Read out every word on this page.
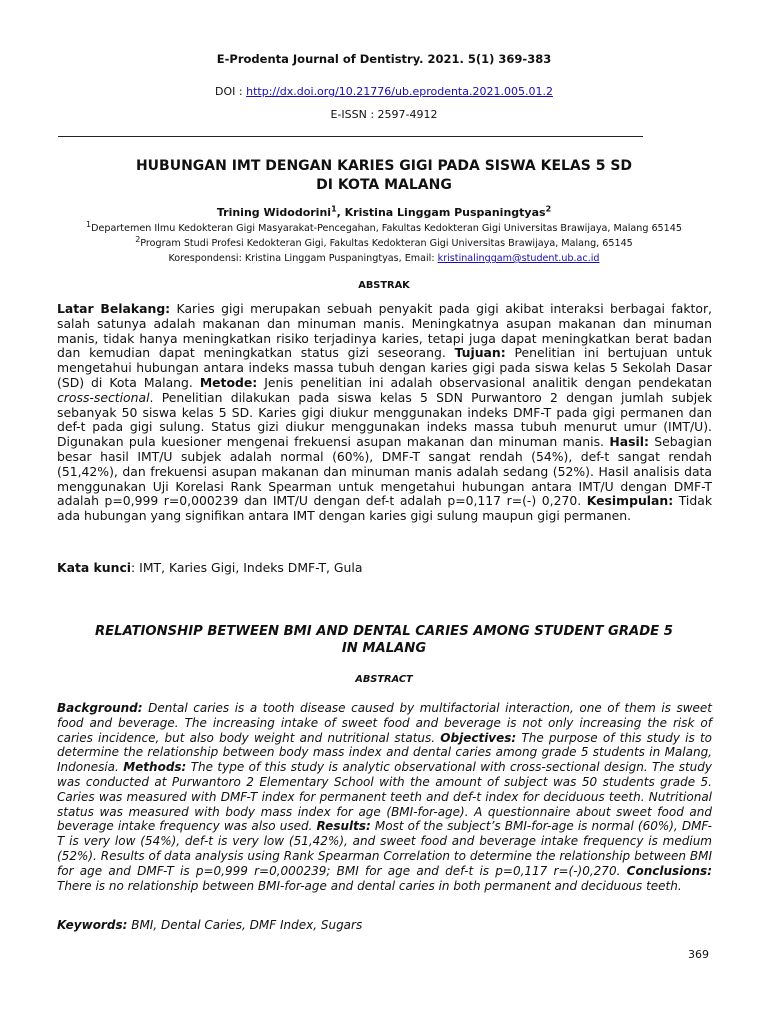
E-Prodenta Journal of Dentistry. 2021. 5(1) 369-383
DOI : http://dx.doi.org/10.21776/ub.eprodenta.2021.005.01.2
E-ISSN : 2597-4912
HUBUNGAN IMT DENGAN KARIES GIGI PADA SISWA KELAS 5 SD
DI KOTA MALANG
Trining Widodorini$^1$, Kristina Linggam Puspaningtyas$^2$
$^1$Departemen Ilmu Kedokteran Gigi Masyarakat-Pencegahan, Fakultas Kedokteran Gigi Universitas Brawijaya, Malang 65145
$^2$Program Studi Profesi Kedokteran Gigi, Fakultas Kedokteran Gigi Universitas Brawijaya, Malang, 65145
Korespondensi: Kristina Linggam Puspaningtyas, Email: kristinalinggam@student.ub.ac.id
ABSTRAK
Latar Belakang: Karies gigi merupakan sebuah penyakit pada gigi akibat interaksi berbagai faktor, salah satunya adalah makanan dan minuman manis. Meningkatnya asupan makanan dan minuman manis, tidak hanya meningkatkan risiko terjadinya karies, tetapi juga dapat meningkatkan berat badan dan kemudian dapat meningkatkan status gizi seseorang. Tujuan: Penelitian ini bertujuan untuk mengetahui hubungan antara indeks massa tubuh dengan karies gigi pada siswa kelas 5 Sekolah Dasar (SD) di Kota Malang. Metode: Jenis penelitian ini adalah observasional analitik dengan pendekatan cross-sectional. Penelitian dilakukan pada siswa kelas 5 SDN Purwantoro 2 dengan jumlah subjek sebanyak 50 siswa kelas 5 SD. Karies gigi diukur menggunakan indeks DMF-T pada gigi permanen dan def-t pada gigi sulung. Status gizi diukur menggunakan indeks massa tubuh menurut umur (IMT/U). Digunakan pula kuesioner mengenai frekuensi asupan makanan dan minuman manis. Hasil: Sebagian besar hasil IMT/U subjek adalah normal (60%), DMF-T sangat rendah (54%), def-t sangat rendah (51,42%), dan frekuensi asupan makanan dan minuman manis adalah sedang (52%). Hasil analisis data menggunakan Uji Korelasi Rank Spearman untuk mengetahui hubungan antara IMT/U dengan DMF-T adalah p=0,999 r=0,000239 dan IMT/U dengan def-t adalah p=0,117 r=(-) 0,270. Kesimpulan: Tidak ada hubungan yang signifikan antara IMT dengan karies gigi sulung maupun gigi permanen.
Kata kunci: IMT, Karies Gigi, Indeks DMF-T, Gula
RELATIONSHIP BETWEEN BMI AND DENTAL CARIES AMONG STUDENT GRADE 5
IN MALANG
ABSTRACT
Background: Dental caries is a tooth disease caused by multifactorial interaction, one of them is sweet food and beverage. The increasing intake of sweet food and beverage is not only increasing the risk of caries incidence, but also body weight and nutritional status. Objectives: The purpose of this study is to determine the relationship between body mass index and dental caries among grade 5 students in Malang, Indonesia. Methods: The type of this study is analytic observational with cross-sectional design. The study was conducted at Purwantoro 2 Elementary School with the amount of subject was 50 students grade 5. Caries was measured with DMF-T index for permanent teeth and def-t index for deciduous teeth. Nutritional status was measured with body mass index for age (BMI-for-age). A questionnaire about sweet food and beverage intake frequency was also used. Results: Most of the subject’s BMI-for-age is normal (60%), DMF-T is very low (54%), def-t is very low (51,42%), and sweet food and beverage intake frequency is medium (52%). Results of data analysis using Rank Spearman Correlation to determine the relationship between BMI for age and DMF-T is p=0,999 r=0,000239; BMI for age and def-t is p=0,117 r=(-)0,270. Conclusions: There is no relationship between BMI-for-age and dental caries in both permanent and deciduous teeth.
Keywords: BMI, Dental Caries, DMF Index, Sugars
369
